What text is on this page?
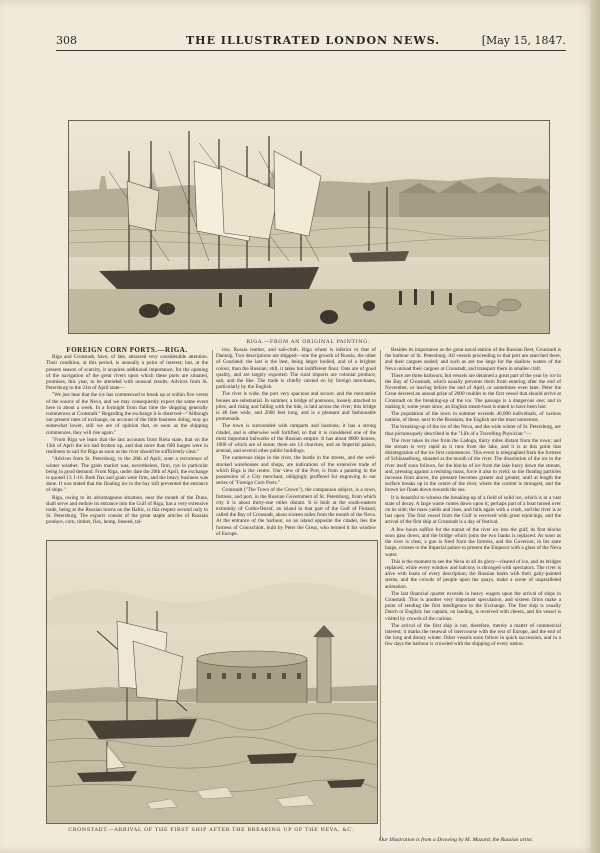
308	THE ILLUSTRATED LONDON NEWS.	[May 15, 1847.
RIGA.—FROM AN ORIGINAL PAINTING.

FOREIGN CORN PORTS.—RIGA.

Riga and Cronstadt, have, of late, attracted very considerable attention. Their condition, at this period, is annually a point of interest; but, at the present season of scarcity, it acquires additional importance, for the opening of the navigation of the great rivers upon which these ports are situated, promises, this year, to be attended with unusual results. Advices from St. Petersburg to the 21st of April state—

"We just hear that the ice has commenced to break up at within five versts of the source of the Neva, and we may consequently expect the same event here in about a week. In a fortnight from that time the shipping generally commences at Cronstadt." Regarding the exchange it is observed—"Although our present rates of exchange, on account of the little business doing, may go somewhat lower, still we are of opinion that, as soon as the shipping commences, they will rise again."

"From Riga we learn that the last accounts from Riela state, that on the 13th of April the ice had broken up, and that more than 600 barges were in readiness to sail for Riga as soon as the river should be sufficiently clear."

"Advices from St. Petersburg, to the 28th of April, state a recurrence of winter weather. The grain market was, nevertheless, firm, rye in particular being in good demand. From Riga, under date the 29th of April, the exchange is quoted 13 1-16. Both flax and grain were firm, and the heavy business was done. It was stated that the floating ice in the bay still prevented the entrance of ships."

Riga, owing to its advantageous situation, near the mouth of the Duna, shall serve and endure its entrance into the Gulf of Riga, has a very extensive trade, being at the Russian towns on the Baltic, is this respect second only to St. Petersburg. The exports consist of the great staple articles of Russian produce, corn, timber, flax, hemp, linseed, tal-

low, Russia leather, and sail-cloth. Riga wheat is inferior to that of Dantzig. Two descriptions are shipped—one the growth of Russia, the other of Courland; the last is the best, being larger bodied, and of a brighter colour, than the Russian; still, it takes but indifferent flour. Oats are of good quality, and are largely exported. The rural imports are colonial produce, salt, and the like. The trade is chiefly carried on by foreign merchants, particularly by the English.

The river is wide, the port very spacious and secure; and the mercantile houses are substantial. In summer, a bridge of pontoons, loosely attached to piles, and rising and falling with the tide, is laid across the river; this bridge is 40 feet wide, and 2600 feet long, and is a pleasant and fashionable promenade.

The town is surrounded with ramparts and bastions; it has a strong citadel, and is otherwise well fortified, so that it is considered one of the most important bulwarks of the Russian empire. It has about 8000 houses, 1000 of which are of stone; there are 14 churches, and an Imperial palace, arsenal, and several other public buildings.

The numerous ships in the river, the bustle in the streets, and the well-stocked warehouses and shops, are indications of the extensive trade of which Riga is the centre. Our view of the Port, is from a painting in the possession of a City merchant, obligingly proffered for engraving in our series of "Foreign Corn Ports."

Cronstadt ("The Town of the Crown"), the companion subject, is a town, fortress, and port, in the Russian Government of St. Petersburg, from which city it is about thirty-one miles distant. It is built at the south-eastern extremity of Cotlin-Ostrof, an island in that part of the Gulf of Finland, called the Bay of Cronstadt, about sixteen miles from the mouth of the Neva. At the entrance of the harbour, on an island opposite the citadel, lies the fortress of Cronschlott, built by Peter the Great, who termed it his window of Europe.

Besides its importance as the great naval station of the Russian fleet, Cronstadt is the harbour of St. Petersburg. All vessels proceeding to that port are searched there, and their cargoes sealed; and such as are too large for the shallow waters of the Neva unload their cargoes at Cronstadt, and transport them in smaller craft.

There are three harbours; but vessels are detained a great part of the year by ice in the Bay of Cronstadt, which usually prevents them from entering after the end of November, or leaving before the end of April, or sometimes even later. Peter the Great decreed an annual prize of 2000 roubles to the first vessel that should arrive at Cronstadt on the breaking-up of the ice. The passage is a dangerous one; and in making it, some years since, an English steam-boat is stated to have been lost.

The population of the town in summer exceeds 40,000 individuals, of various nations, of these, next to the Russians, the English are the most numerous.

The breaking-up of the ice of the Neva, and the wide winter of St. Petersburg, are thus picturesquely described in the "Life of a Travelling Physician:"—

The river takes its rise from the Ladoga, thirty miles distant from the town; and the stream is very rapid as it runs from the lake, and it is at this point that disintegration of the ice first commences. This event is telegraphed from the fortress of Schlusselburg, situated at the mouth of the river. The dissolution of the ice in the river itself soon follows, for the blocks of ice from the lake hurry down the stream, and, pressing against a resisting mass, force it also to yield; so the floating particles increase from above, the pressure becomes greater and greater, until at length the surface breaks up in the centre of the river, where the current is strongest, and the brown ice floats down towards the sea.

It is beautiful to witness the breaking-up of a field of solid ice, which is in a vast state of decay. A large waste comes down upon it; perhaps part of a boat turned over on its side; the mass yields and rises, and falls again with a crash, and the river is at last open. The first vessel from the Gulf is received with great rejoicings, and the arrival of the first ship at Cronstadt is a day of festival.

A few hours suffice for the transit of the river ice into the gulf; its first blocks soon pass down, and the bridge which joins the two banks is replaced. As soon as the river is clear, a gun is fired from the fortress, and the Governor, in his state barge, crosses to the Imperial palace to present the Emperor with a glass of the Neva water.

This is the moment to see the Neva in all its glory—cleared of ice, and its bridges replaced, while every window and balcony is thronged with spectators. The river is alive with boats of every description; the Russian barks with their gaily-painted sterns, and the crowds of people upon the quays, make a scene of unparalleled animation.

The last financial quarter exceeds in heavy wagers upon the arrival of ships in Cronstadt. This is another very important speculation, and sixteen firms make a point of sending the first intelligence to the Exchange. The first ship is usually Dutch or English; her captain, on landing, is received with cheers, and his vessel is visited by crowds of the curious.

The arrival of the first ship is not, therefore, merely a matter of commercial interest; it marks the renewal of intercourse with the rest of Europe, and the end of the long and dreary winter. Other vessels soon follow in quick succession, and in a few days the harbour is crowded with the shipping of every nation.

CRONSTADT.—ARRIVAL OF THE FIRST SHIP AFTER THE BREAKING UP OF THE NEVA, &C.
Our Illustration is from a Drawing by M. Mazard, the Russian artist.
